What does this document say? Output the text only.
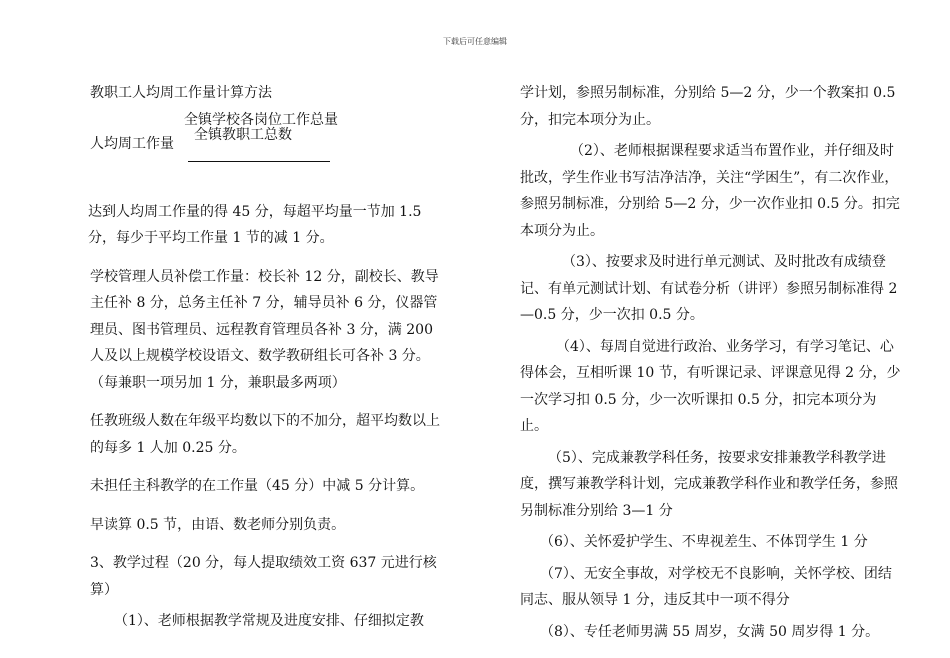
下载后可任意编辑

教职工人均周工作量计算方法

人均周工作量
全镇学校各岗位工作总量
全镇教职工总数

达到人均周工作量的得 45 分，每超平均量一节加 1.5 分，每少于平均工作量 1 节的减 1 分。

学校管理人员补偿工作量：校长补 12 分，副校长、教导主任补 8 分，总务主任补 7 分，辅导员补 6 分，仪器管理员、图书管理员、远程教育管理员各补 3 分，满 200 人及以上规模学校设语文、数学教研组长可各补 3 分。（每兼职一项另加 1 分，兼职最多两项）

任教班级人数在年级平均数以下的不加分，超平均数以上的每多 1 人加 0.25 分。

未担任主科教学的在工作量（45 分）中减 5 分计算。

早读算 0.5 节，由语、数老师分别负责。

3、教学过程（20 分，每人提取绩效工资 637 元进行核算）

（1）、老师根据教学常规及进度安排、仔细拟定教

学计划，参照另制标准，分别给 5—2 分，少一个教案扣 0.5 分，扣完本项分为止。

（2）、老师根据课程要求适当布置作业，并仔细及时批改，学生作业书写洁净洁净，关注“学困生”，有二次作业，参照另制标准，分别给 5—2 分，少一次作业扣 0.5 分。扣完本项分为止。

（3）、按要求及时进行单元测试、及时批改有成绩登记、有单元测试计划、有试卷分析（讲评）参照另制标准得 2—0.5 分，少一次扣 0.5 分。

（4）、每周自觉进行政治、业务学习，有学习笔记、心得体会，互相听课 10 节，有听课记录、评课意见得 2 分，少一次学习扣 0.5 分，少一次听课扣 0.5 分，扣完本项分为止。

（5）、完成兼教学科任务，按要求安排兼教学科教学进度，撰写兼教学科计划，完成兼教学科作业和教学任务，参照另制标准分别给 3—1 分

（6）、关怀爱护学生、不卑视差生、不体罚学生 1 分

（7）、无安全事故，对学校无不良影响，关怀学校、团结同志、服从领导 1 分，违反其中一项不得分

（8）、专任老师男满 55 周岁，女满 50 周岁得 1 分。
